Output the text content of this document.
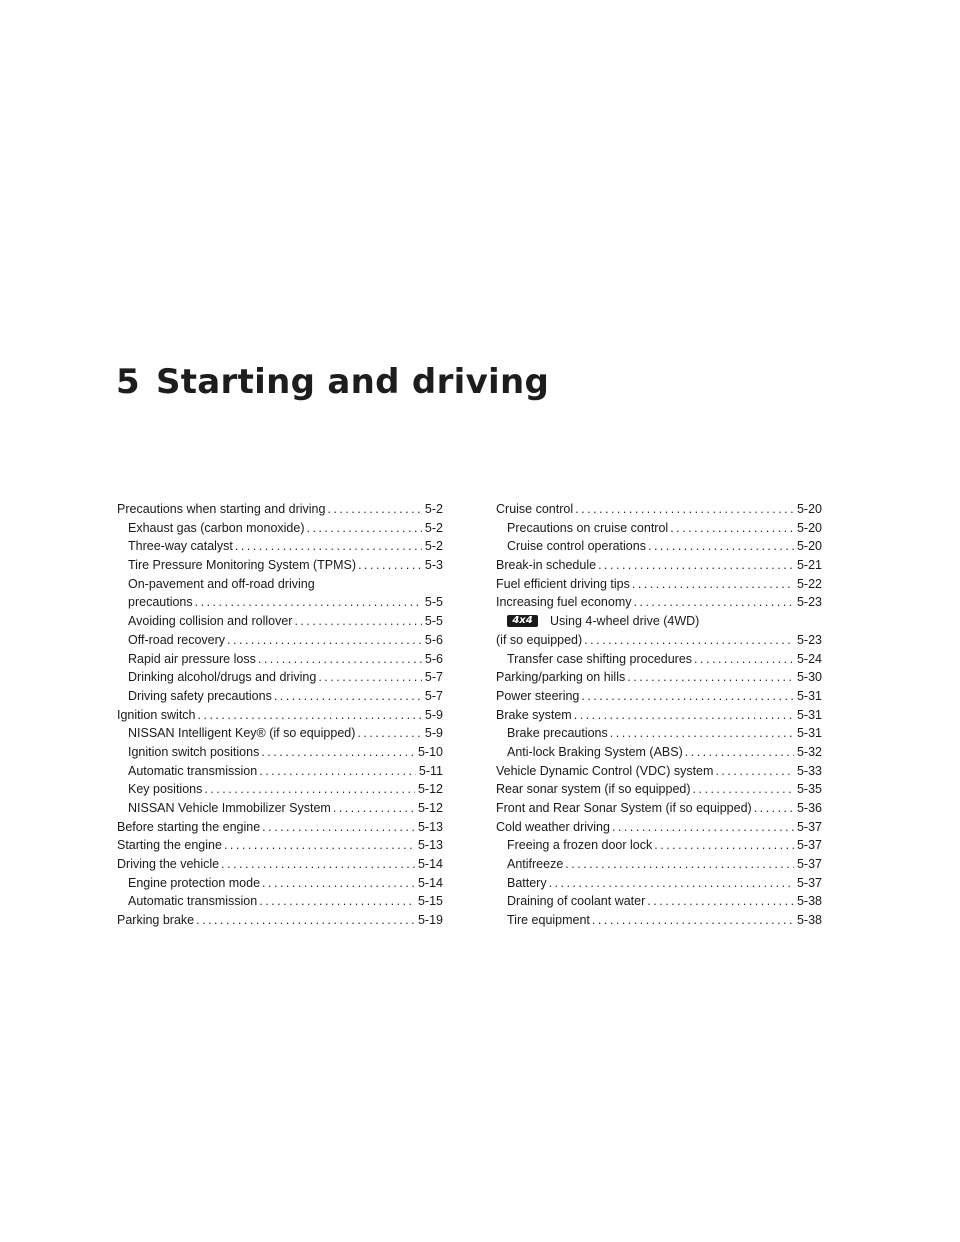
5 Starting and driving
Precautions when starting and driving .....	5-2
Exhaust gas (carbon monoxide) .....	5-2
Three-way catalyst .....	5-2
Tire Pressure Monitoring System (TPMS) .....	5-3
On-pavement and off-road driving
precautions .....	5-5
Avoiding collision and rollover .....	5-5
Off-road recovery .....	5-6
Rapid air pressure loss .....	5-6
Drinking alcohol/drugs and driving .....	5-7
Driving safety precautions .....	5-7
Ignition switch .....	5-9
NISSAN Intelligent Key® (if so equipped) .....	5-9
Ignition switch positions .....	5-10
Automatic transmission .....	5-11
Key positions .....	5-12
NISSAN Vehicle Immobilizer System .....	5-12
Before starting the engine .....	5-13
Starting the engine .....	5-13
Driving the vehicle .....	5-14
Engine protection mode .....	5-14
Automatic transmission .....	5-15
Parking brake .....	5-19
Cruise control .....	5-20
Precautions on cruise control .....	5-20
Cruise control operations .....	5-20
Break-in schedule .....	5-21
Fuel efficient driving tips .....	5-22
Increasing fuel economy .....	5-23
4x4	Using 4-wheel drive (4WD)
(if so equipped) .....	5-23
Transfer case shifting procedures .....	5-24
Parking/parking on hills .....	5-30
Power steering .....	5-31
Brake system .....	5-31
Brake precautions .....	5-31
Anti-lock Braking System (ABS) .....	5-32
Vehicle Dynamic Control (VDC) system .....	5-33
Rear sonar system (if so equipped) .....	5-35
Front and Rear Sonar System (if so equipped) .....	5-36
Cold weather driving .....	5-37
Freeing a frozen door lock .....	5-37
Antifreeze .....	5-37
Battery .....	5-37
Draining of coolant water .....	5-38
Tire equipment .....	5-38
